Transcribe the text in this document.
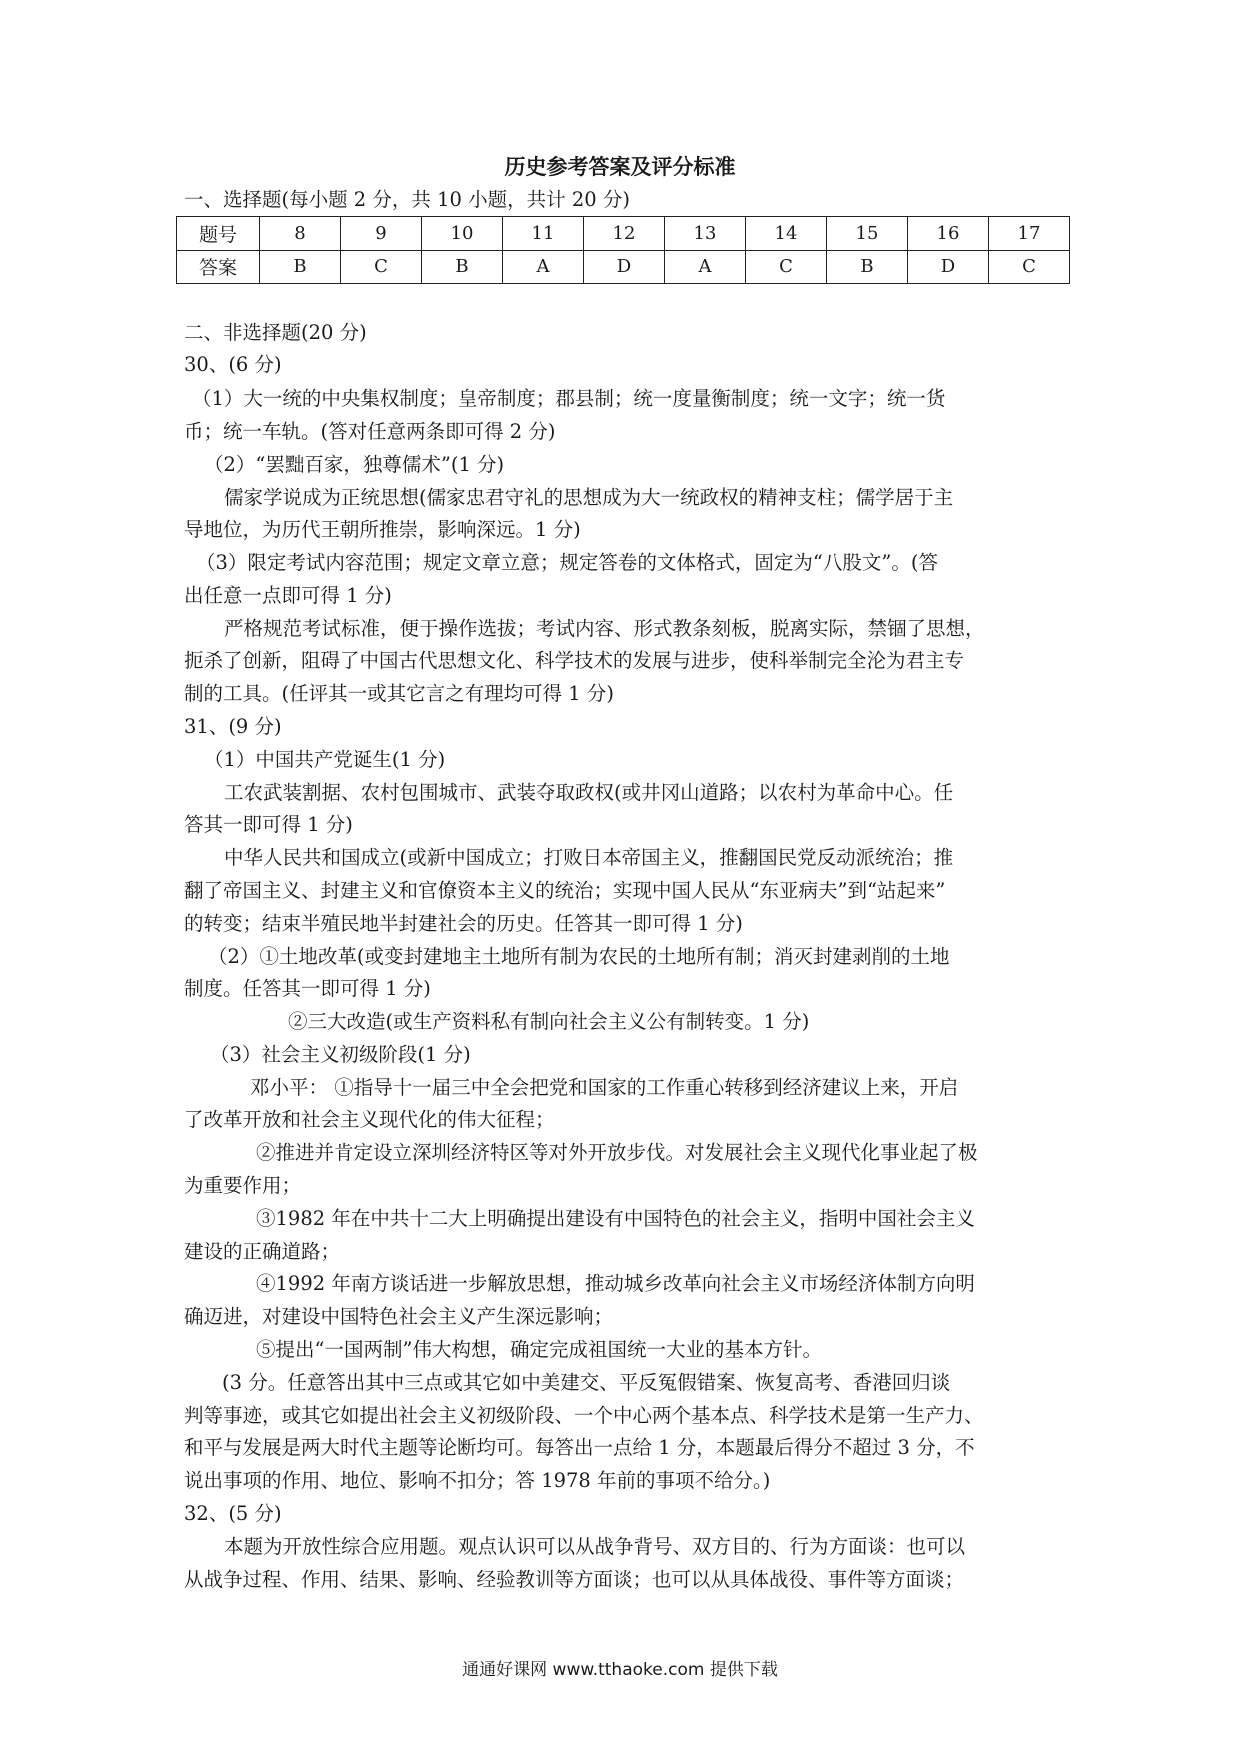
历史参考答案及评分标准
一、选择题(每小题 2 分，共 10 小题，共计 20 分)
题号	8	9	10	11	12	13	14	15	16	17
答案	B	C	B	A	D	A	C	B	D	C
二、非选择题(20 分)
30、(6 分)
（1）大一统的中央集权制度；皇帝制度；郡县制；统一度量衡制度；统一文字；统一货
币；统一车轨。(答对任意两条即可得 2 分)
（2）“罢黜百家，独尊儒术”(1 分)
儒家学说成为正统思想(儒家忠君守礼的思想成为大一统政权的精神支柱；儒学居于主
导地位，为历代王朝所推崇，影响深远。1 分)
（3）限定考试内容范围；规定文章立意；规定答卷的文体格式，固定为“八股文”。(答
出任意一点即可得 1 分)
严格规范考试标准，便于操作选拔；考试内容、形式教条刻板，脱离实际，禁锢了思想，
扼杀了创新，阻碍了中国古代思想文化、科学技术的发展与进步，使科举制完全沦为君主专
制的工具。(任评其一或其它言之有理均可得 1 分)
31、(9 分)
（1）中国共产党诞生(1 分)
工农武装割据、农村包围城市、武装夺取政权(或井冈山道路；以农村为革命中心。任
答其一即可得 1 分)
中华人民共和国成立(或新中国成立；打败日本帝国主义，推翻国民党反动派统治；推
翻了帝国主义、封建主义和官僚资本主义的统治；实现中国人民从“东亚病夫”到“站起来”
的转变；结束半殖民地半封建社会的历史。任答其一即可得 1 分)
（2）①土地改革(或变封建地主土地所有制为农民的土地所有制；消灭封建剥削的土地
制度。任答其一即可得 1 分)
②三大改造(或生产资料私有制向社会主义公有制转变。1 分)
（3）社会主义初级阶段(1 分)
邓小平： ①指导十一届三中全会把党和国家的工作重心转移到经济建议上来，开启
了改革开放和社会主义现代化的伟大征程；
②推进并肯定设立深圳经济特区等对外开放步伐。对发展社会主义现代化事业起了极
为重要作用；
③1982 年在中共十二大上明确提出建设有中国特色的社会主义，指明中国社会主义
建设的正确道路；
④1992 年南方谈话进一步解放思想，推动城乡改革向社会主义市场经济体制方向明
确迈进，对建设中国特色社会主义产生深远影响；
⑤提出“一国两制”伟大构想，确定完成祖国统一大业的基本方针。
(3 分。任意答出其中三点或其它如中美建交、平反冤假错案、恢复高考、香港回归谈
判等事迹，或其它如提出社会主义初级阶段、一个中心两个基本点、科学技术是第一生产力、
和平与发展是两大时代主题等论断均可。每答出一点给 1 分，本题最后得分不超过 3 分，不
说出事项的作用、地位、影响不扣分；答 1978 年前的事项不给分。)
32、(5 分)
本题为开放性综合应用题。观点认识可以从战争背号、双方目的、行为方面谈：也可以
从战争过程、作用、结果、影响、经验教训等方面谈；也可以从具体战役、事件等方面谈；
通通好课网 www.tthaoke.com 提供下载
